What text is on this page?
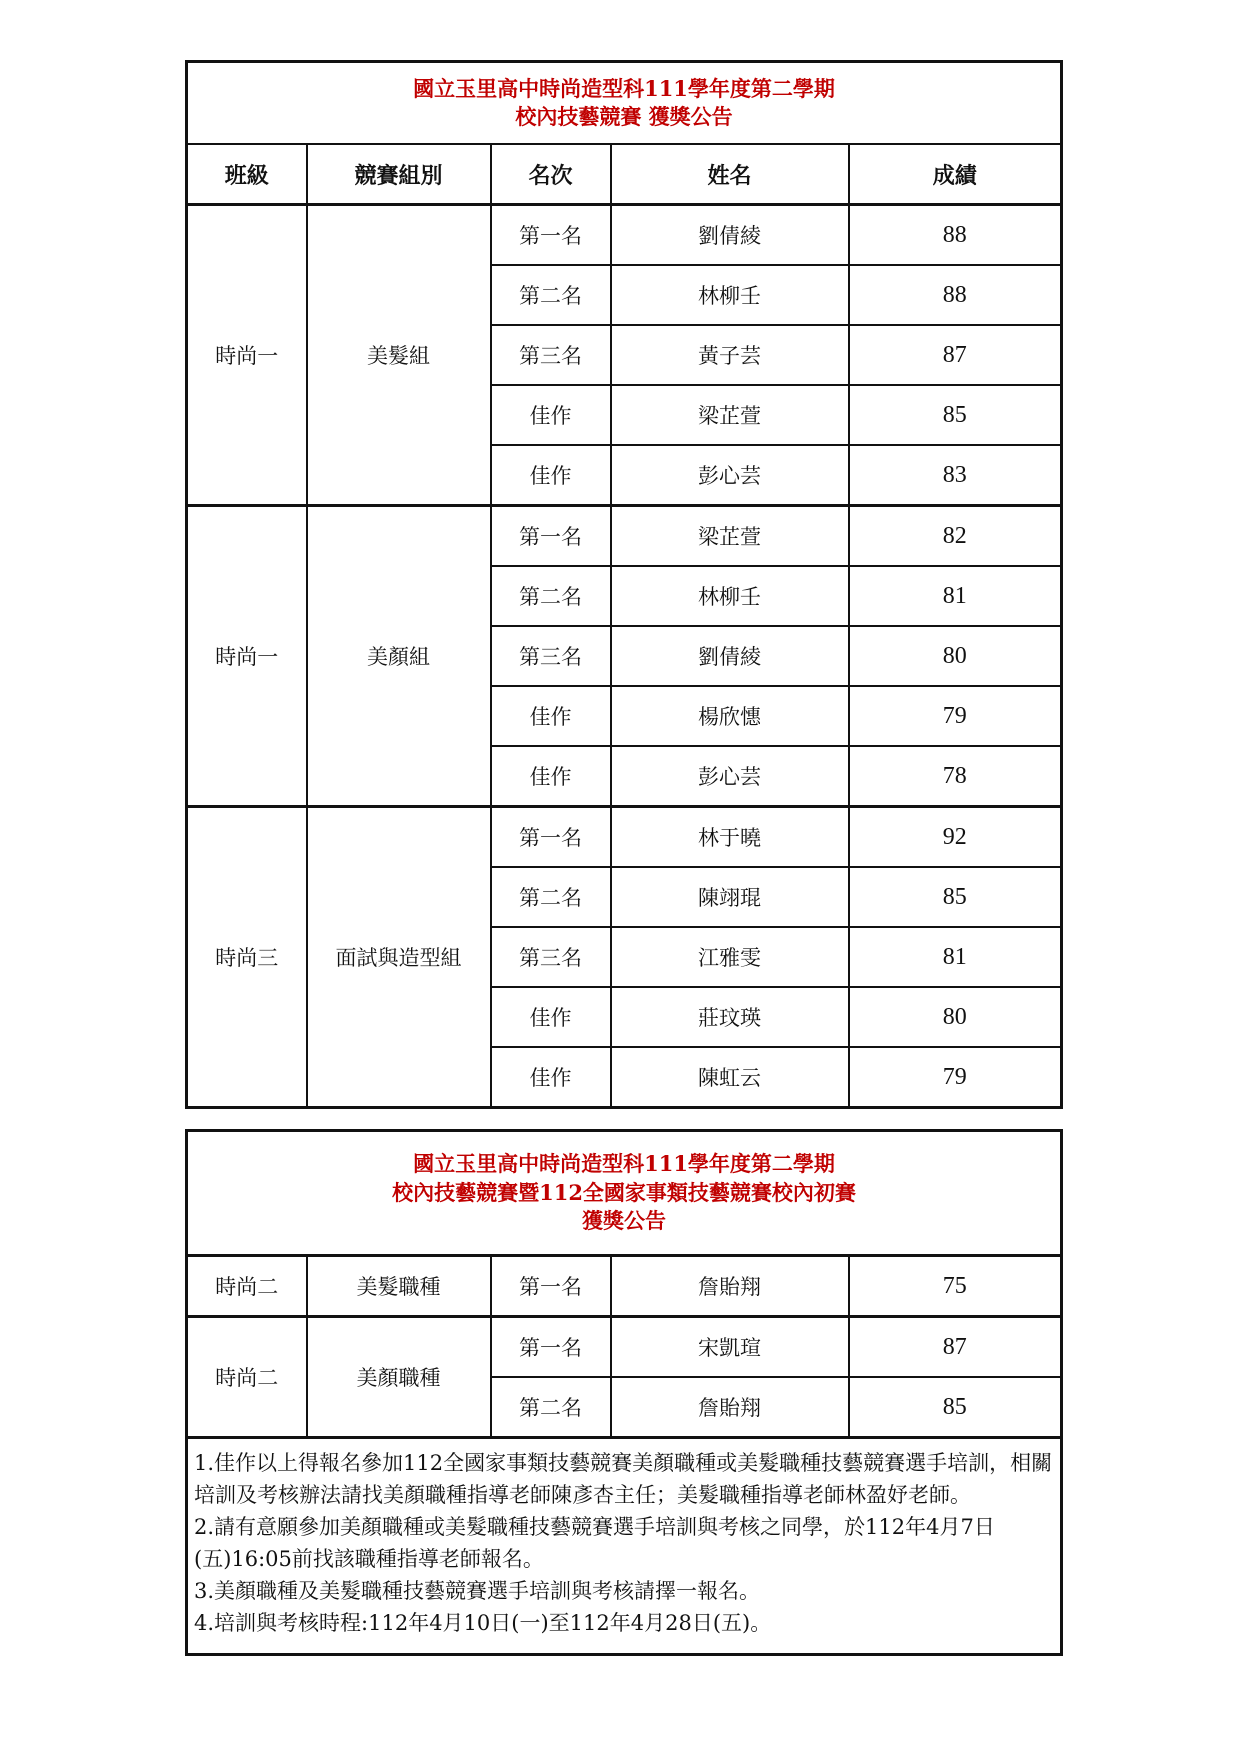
國立玉里高中時尚造型科111學年度第二學期
校內技藝競賽 獲獎公告				

班級	競賽組別	名次	姓名	成績
時尚一	美髮組	第一名	劉倩綾	88
		第二名	林柳壬	88
		第三名	黃子芸	87
		佳作	梁芷萱	85
		佳作	彭心芸	83
時尚一	美顏組	第一名	梁芷萱	82
		第二名	林柳壬	81
		第三名	劉倩綾	80
		佳作	楊欣憓	79
		佳作	彭心芸	78
時尚三	面試與造型組	第一名	林于曉	92
		第二名	陳翊琨	85
		第三名	江雅雯	81
		佳作	莊玟瑛	80
		佳作	陳虹云	79
國立玉里高中時尚造型科111學年度第二學期
校內技藝競賽暨112全國家事類技藝競賽校內初賽
獲獎公告				

時尚二	美髮職種	第一名	詹貽翔	75
時尚二	美顏職種	第一名	宋凱瑄	87
		第二名	詹貽翔	85

1.佳作以上得報名參加112全國家事類技藝競賽美顏職種或美髮職種技藝競賽選手培訓，相關培訓及考核辦法請找美顏職種指導老師陳彥杏主任；美髮職種指導老師林盈妤老師。

2.請有意願參加美顏職種或美髮職種技藝競賽選手培訓與考核之同學，於112年4月7日(五)16:05前找該職種指導老師報名。

3.美顏職種及美髮職種技藝競賽選手培訓與考核請擇一報名。

4.培訓與考核時程:112年4月10日(一)至112年4月28日(五)。				
